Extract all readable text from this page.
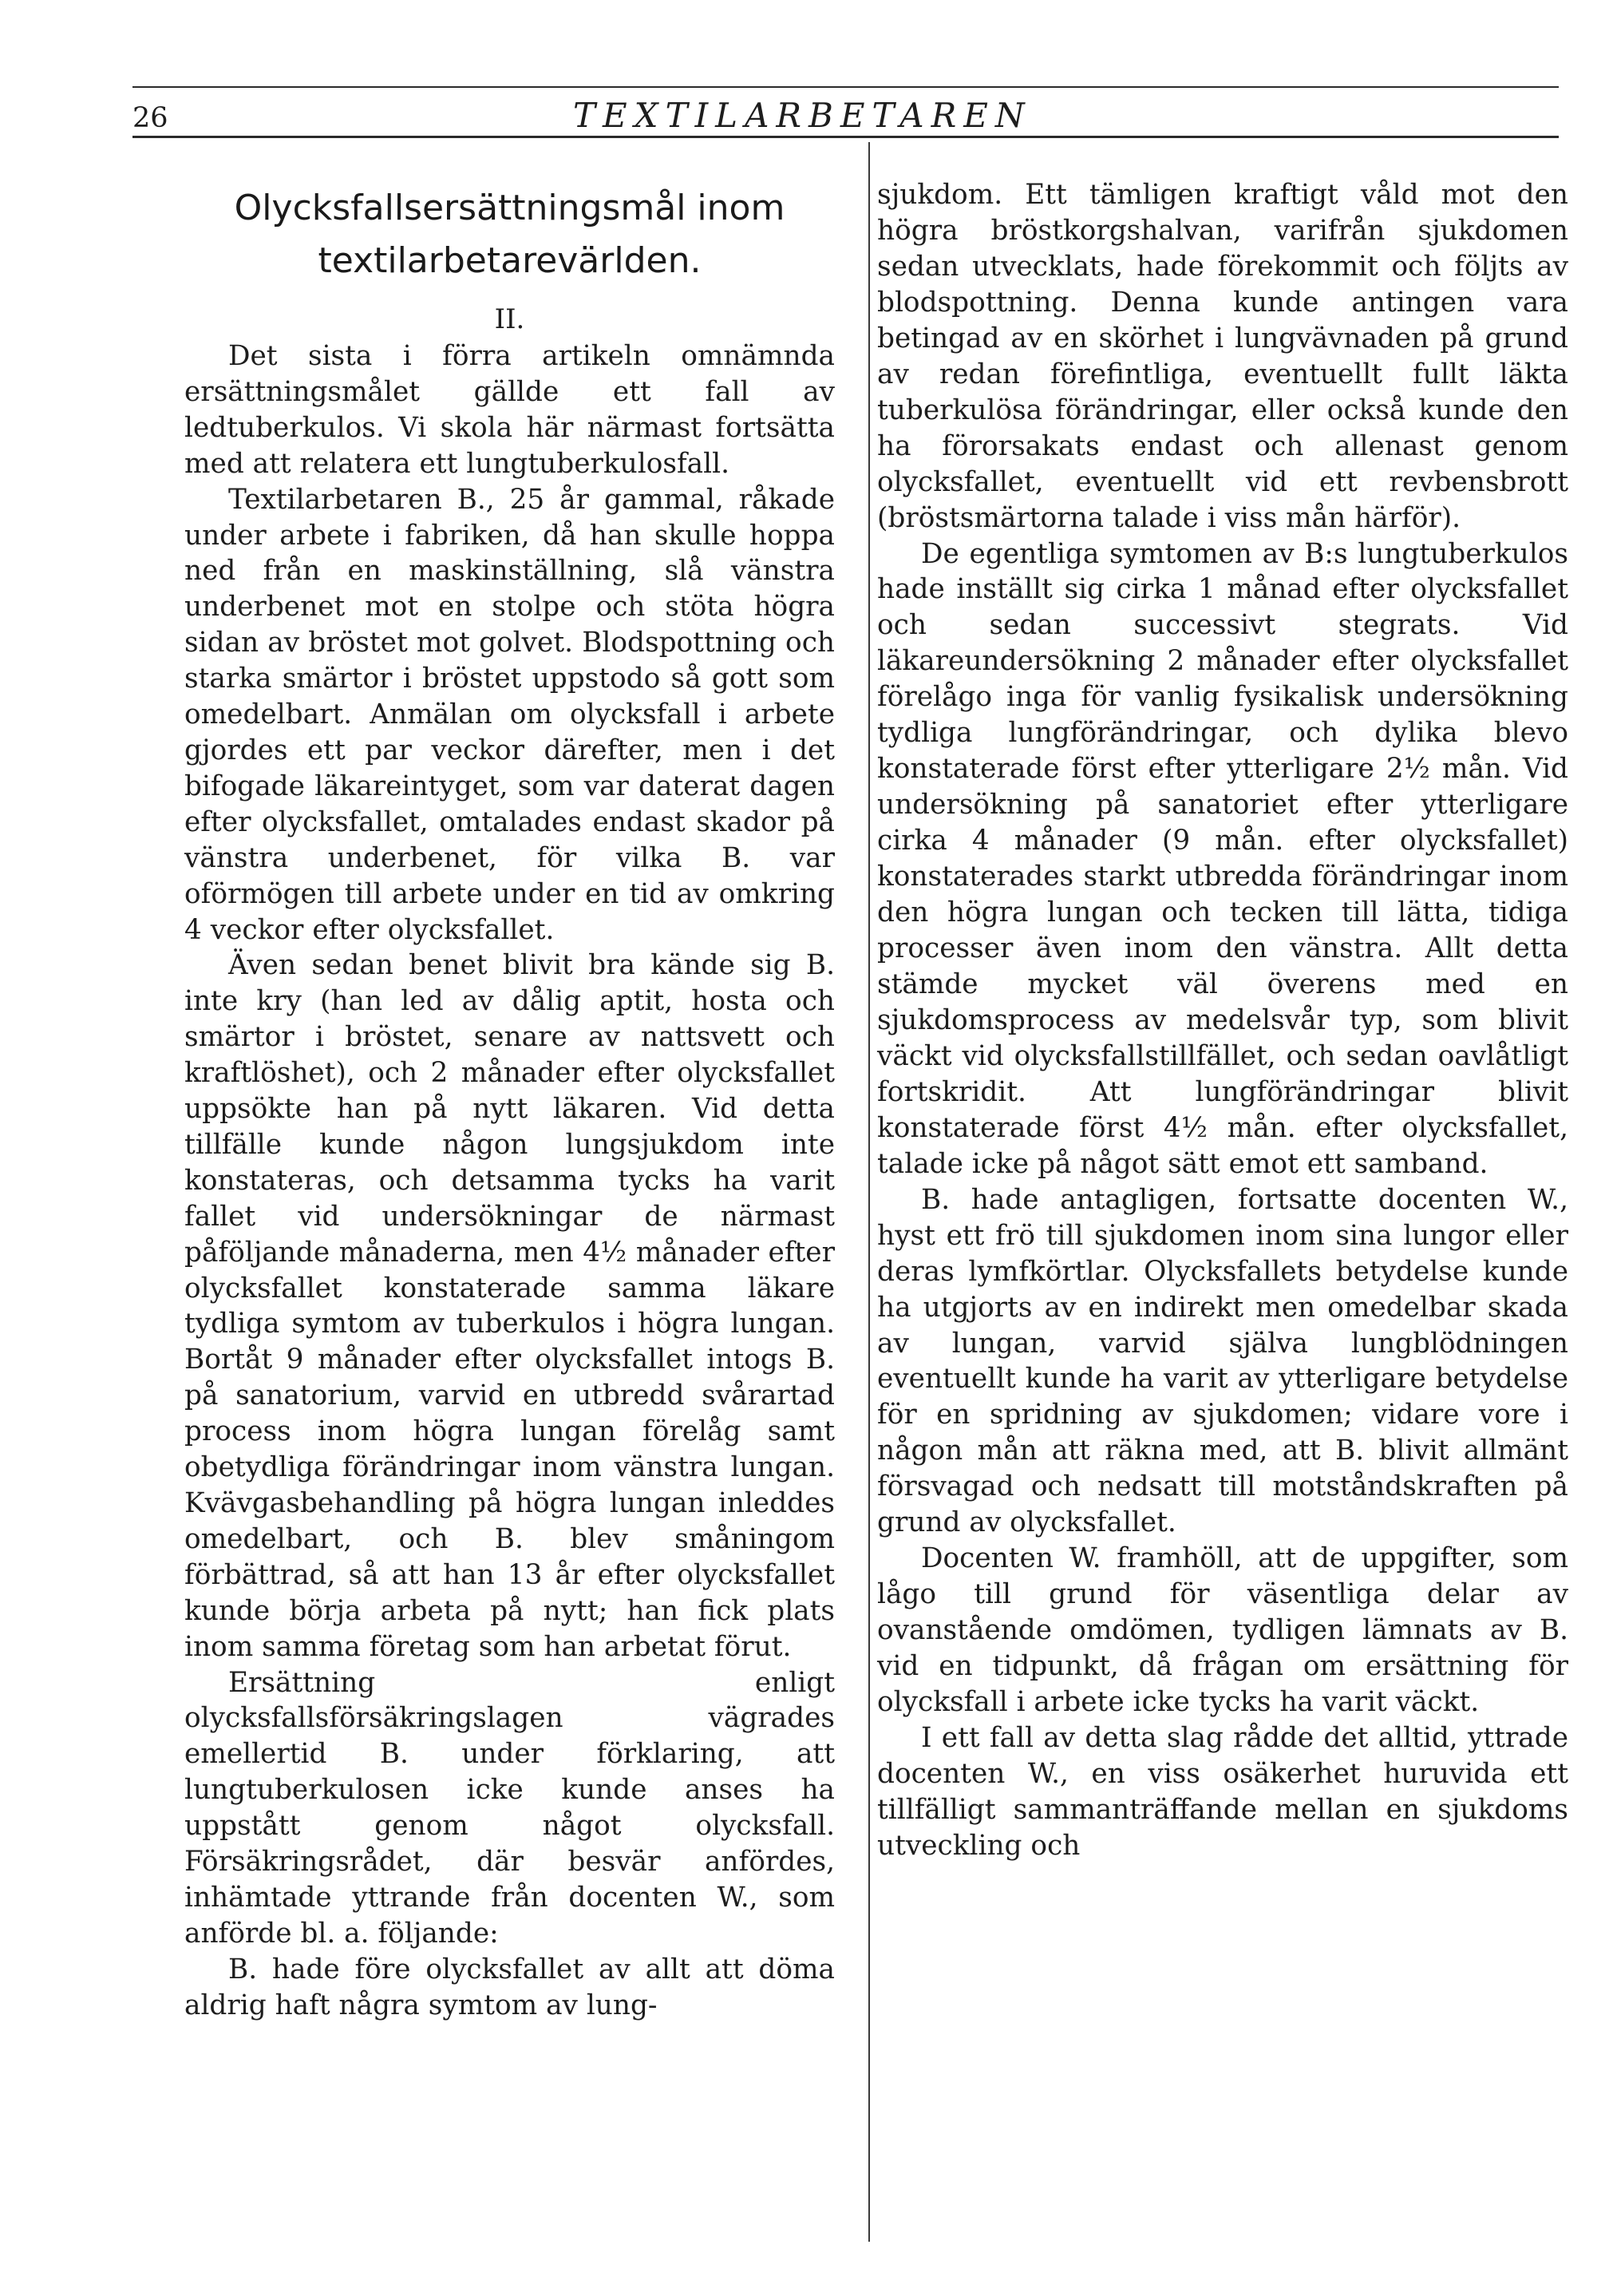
26	TEXTILARBETAREN
Olycksfallsersättningsmål inom
textilarbetarevärlden.
II.

Det sista i förra artikeln omnämnda ersättningsmålet gällde ett fall av ledtuberkulos. Vi skola här närmast fortsätta med att relatera ett lungtuberkulosfall.

Textilarbetaren B., 25 år gammal, råkade under arbete i fabriken, då han skulle hoppa ned från en maskinställning, slå vänstra underbenet mot en stolpe och stöta högra sidan av bröstet mot golvet. Blodspottning och starka smärtor i bröstet uppstodo så gott som omedelbart. Anmälan om olycksfall i arbete gjordes ett par veckor därefter, men i det bifogade läkareintyget, som var daterat dagen efter olycksfallet, omtalades endast skador på vänstra underbenet, för vilka B. var oförmögen till arbete under en tid av omkring 4 veckor efter olycksfallet.

Även sedan benet blivit bra kände sig B. inte kry (han led av dålig aptit, hosta och smärtor i bröstet, senare av nattsvett och kraftlöshet), och 2 månader efter olycksfallet uppsökte han på nytt läkaren. Vid detta tillfälle kunde någon lungsjukdom inte konstateras, och detsamma tycks ha varit fallet vid undersökningar de närmast påföljande månaderna, men 4½ månader efter olycksfallet konstaterade samma läkare tydliga symtom av tuberkulos i högra lungan. Bortåt 9 månader efter olycksfallet intogs B. på sanatorium, varvid en utbredd svårartad process inom högra lungan förelåg samt obetydliga förändringar inom vänstra lungan. Kvävgasbehandling på högra lungan inleddes omedelbart, och B. blev småningom förbättrad, så att han 13 år efter olycksfallet kunde börja arbeta på nytt; han fick plats inom samma företag som han arbetat förut.

Ersättning enligt olycksfallsförsäkringslagen vägrades emellertid B. under förklaring, att lungtuberkulosen icke kunde anses ha uppstått genom något olycksfall. Försäkringsrådet, där besvär anfördes, inhämtade yttrande från docenten W., som anförde bl. a. följande:

B. hade före olycksfallet av allt att döma aldrig haft några symtom av lung-

sjukdom. Ett tämligen kraftigt våld mot den högra bröstkorgshalvan, varifrån sjukdomen sedan utvecklats, hade förekommit och följts av blodspottning. Denna kunde antingen vara betingad av en skörhet i lungvävnaden på grund av redan förefintliga, eventuellt fullt läkta tuberkulösa förändringar, eller också kunde den ha förorsakats endast och allenast genom olycksfallet, eventuellt vid ett revbensbrott (bröstsmärtorna talade i viss mån härför).

De egentliga symtomen av B:s lungtuberkulos hade inställt sig cirka 1 månad efter olycksfallet och sedan successivt stegrats. Vid läkareundersökning 2 månader efter olycksfallet förelågo inga för vanlig fysikalisk undersökning tydliga lungförändringar, och dylika blevo konstaterade först efter ytterligare 2½ mån. Vid undersökning på sanatoriet efter ytterligare cirka 4 månader (9 mån. efter olycksfallet) konstaterades starkt utbredda förändringar inom den högra lungan och tecken till lätta, tidiga processer även inom den vänstra. Allt detta stämde mycket väl överens med en sjukdomsprocess av medelsvår typ, som blivit väckt vid olycksfallstillfället, och sedan oavlåtligt fortskridit. Att lungförändringar blivit konstaterade först 4½ mån. efter olycksfallet, talade icke på något sätt emot ett samband.

B. hade antagligen, fortsatte docenten W., hyst ett frö till sjukdomen inom sina lungor eller deras lymfkörtlar. Olycksfallets betydelse kunde ha utgjorts av en indirekt men omedelbar skada av lungan, varvid själva lungblödningen eventuellt kunde ha varit av ytterligare betydelse för en spridning av sjukdomen; vidare vore i någon mån att räkna med, att B. blivit allmänt försvagad och nedsatt till motståndskraften på grund av olycksfallet.

Docenten W. framhöll, att de uppgifter, som lågo till grund för väsentliga delar av ovanstående omdömen, tydligen lämnats av B. vid en tidpunkt, då frågan om ersättning för olycksfall i arbete icke tycks ha varit väckt.

I ett fall av detta slag rådde det alltid, yttrade docenten W., en viss osäkerhet huruvida ett tillfälligt sammanträffande mellan en sjukdoms utveckling och
